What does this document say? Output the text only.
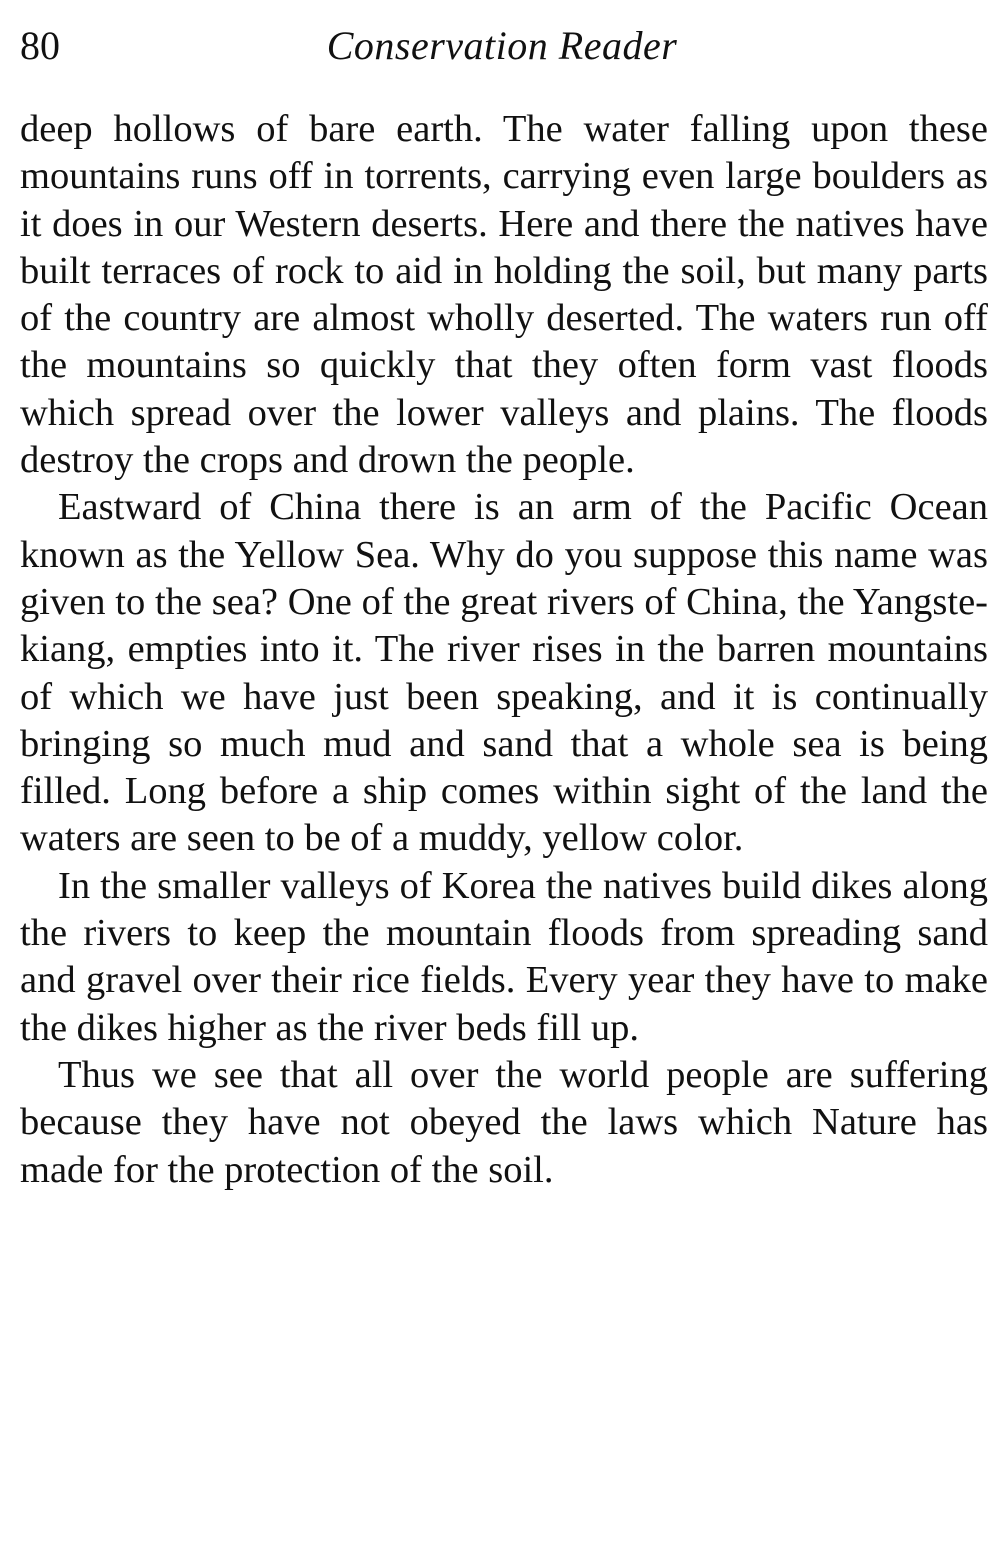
80	Conservation Reader

deep hollows of bare earth. The water falling upon these mountains runs off in torrents, carrying even large boulders as it does in our Western deserts. Here and there the natives have built terraces of rock to aid in holding the soil, but many parts of the country are almost wholly deserted. The waters run off the mountains so quickly that they often form vast floods which spread over the lower valleys and plains. The floods destroy the crops and drown the people.

Eastward of China there is an arm of the Pacific Ocean known as the Yellow Sea. Why do you suppose this name was given to the sea? One of the great rivers of China, the Yangste-kiang, empties into it. The river rises in the barren mountains of which we have just been speaking, and it is continually bringing so much mud and sand that a whole sea is being filled. Long before a ship comes within sight of the land the waters are seen to be of a muddy, yellow color.

In the smaller valleys of Korea the natives build dikes along the rivers to keep the mountain floods from spreading sand and gravel over their rice fields. Every year they have to make the dikes higher as the river beds fill up.

Thus we see that all over the world people are suffering because they have not obeyed the laws which Nature has made for the protection of the soil.
